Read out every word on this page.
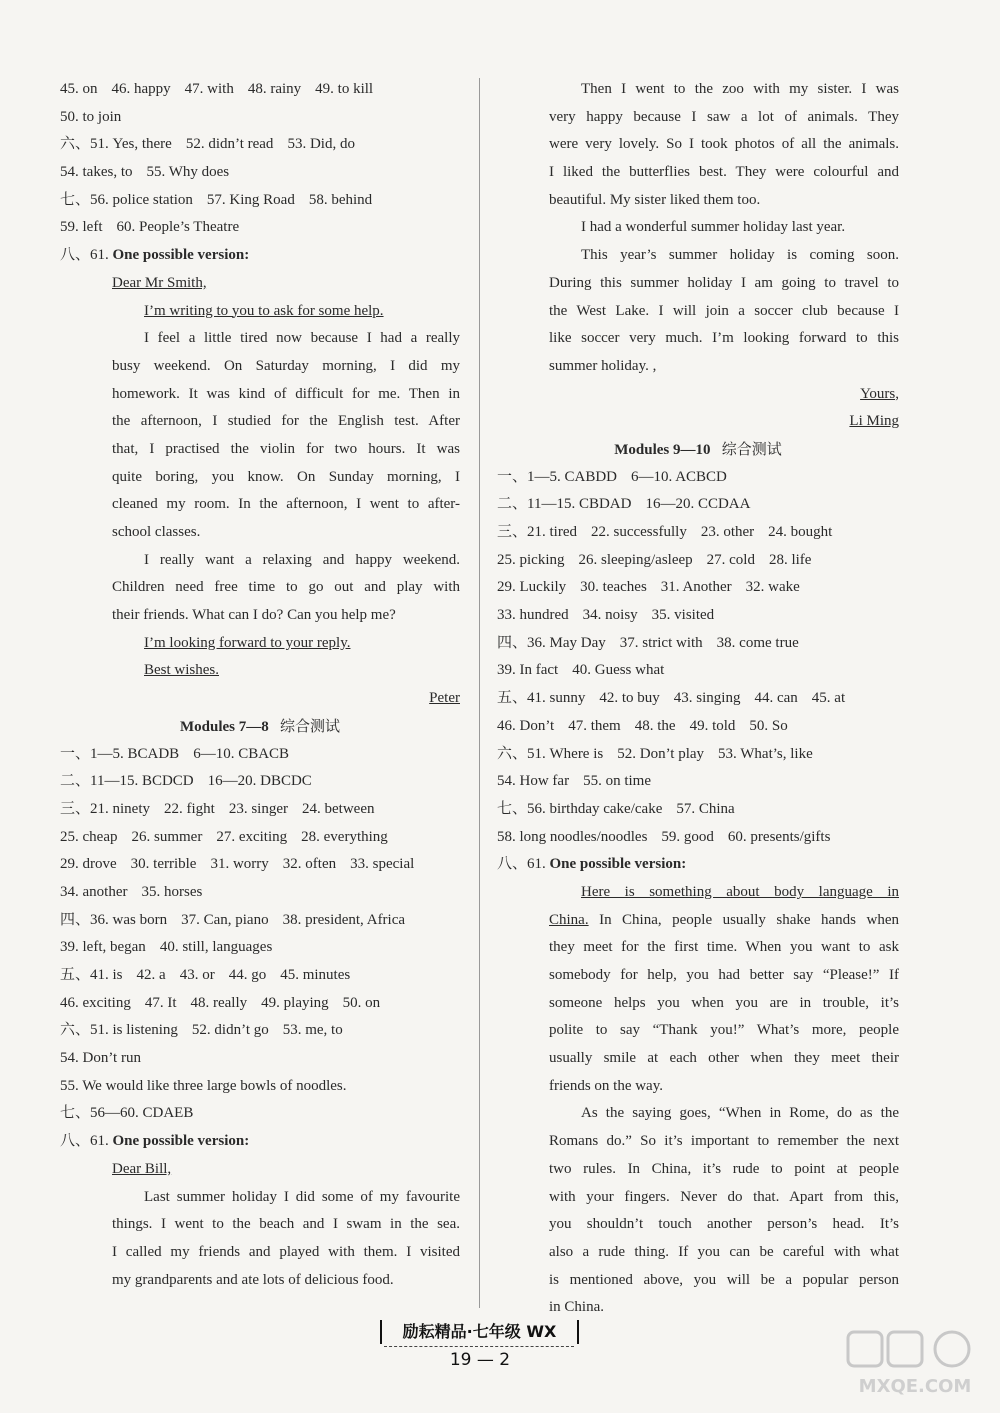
45. on 46. happy 47. with 48. rainy 49. to kill
50. to join
六、51. Yes, there 52. didn’t read 53. Did, do
54. takes, to 55. Why does
七、56. police station 57. King Road 58. behind
59. left 60. People’s Theatre
八、61. One possible version:
Dear Mr Smith,
I’m writing to you to ask for some help.
I feel a little tired now because I had a really
busy weekend. On Saturday morning, I did my
homework. It was kind of difficult for me. Then in
the afternoon, I studied for the English test. After
that, I practised the violin for two hours. It was
quite boring, you know. On Sunday morning, I
cleaned my room. In the afternoon, I went to after-
school classes.
I really want a relaxing and happy weekend.
Children need free time to go out and play with
their friends. What can I do? Can you help me?
I’m looking forward to your reply.
Best wishes.
Peter
Modules 7—8 综合测试
一、1—5. BCADB 6—10. CBACB
二、11—15. BCDCD 16—20. DBCDC
三、21. ninety 22. fight 23. singer 24. between
25. cheap 26. summer 27. exciting 28. everything
29. drove 30. terrible 31. worry 32. often 33. special
34. another 35. horses
四、36. was born 37. Can, piano 38. president, Africa
39. left, began 40. still, languages
五、41. is 42. a 43. or 44. go 45. minutes
46. exciting 47. It 48. really 49. playing 50. on
六、51. is listening 52. didn’t go 53. me, to
54. Don’t run
55. We would like three large bowls of noodles.
七、56—60. CDAEB
八、61. One possible version:
Dear Bill,
Last summer holiday I did some of my favourite
things. I went to the beach and I swam in the sea.
I called my friends and played with them. I visited
my grandparents and ate lots of delicious food.
Then I went to the zoo with my sister. I was
very happy because I saw a lot of animals. They
were very lovely. So I took photos of all the animals.
I liked the butterflies best. They were colourful and
beautiful. My sister liked them too.
I had a wonderful summer holiday last year.
This year’s summer holiday is coming soon.
During this summer holiday I am going to travel to
the West Lake. I will join a soccer club because I
like soccer very much. I’m looking forward to this
summer holiday. ,
Yours,
Li Ming
Modules 9—10 综合测试
一、1—5. CABDD 6—10. ACBCD
二、11—15. CBDAD 16—20. CCDAA
三、21. tired 22. successfully 23. other 24. bought
25. picking 26. sleeping/asleep 27. cold 28. life
29. Luckily 30. teaches 31. Another 32. wake
33. hundred 34. noisy 35. visited
四、36. May Day 37. strict with 38. come true
39. In fact 40. Guess what
五、41. sunny 42. to buy 43. singing 44. can 45. at
46. Don’t 47. them 48. the 49. told 50. So
六、51. Where is 52. Don’t play 53. What’s, like
54. How far 55. on time
七、56. birthday cake/cake 57. China
58. long noodles/noodles 59. good 60. presents/gifts
八、61. One possible version:
Here is something about body language in
China. In China, people usually shake hands when
they meet for the first time. When you want to ask
somebody for help, you had better say “Please!” If
someone helps you when you are in trouble, it’s
polite to say “Thank you!” What’s more, people
usually smile at each other when they meet their
friends on the way.
As the saying goes, “When in Rome, do as the
Romans do.” So it’s important to remember the next
two rules. In China, it’s rude to point at people
with your fingers. Never do that. Apart from this,
you shouldn’t touch another person’s head. It’s
also a rude thing. If you can be careful with what
is mentioned above, you will be a popular person
in China.
励耘精品·七年级 WX
19 — 2
MXQE.COM
